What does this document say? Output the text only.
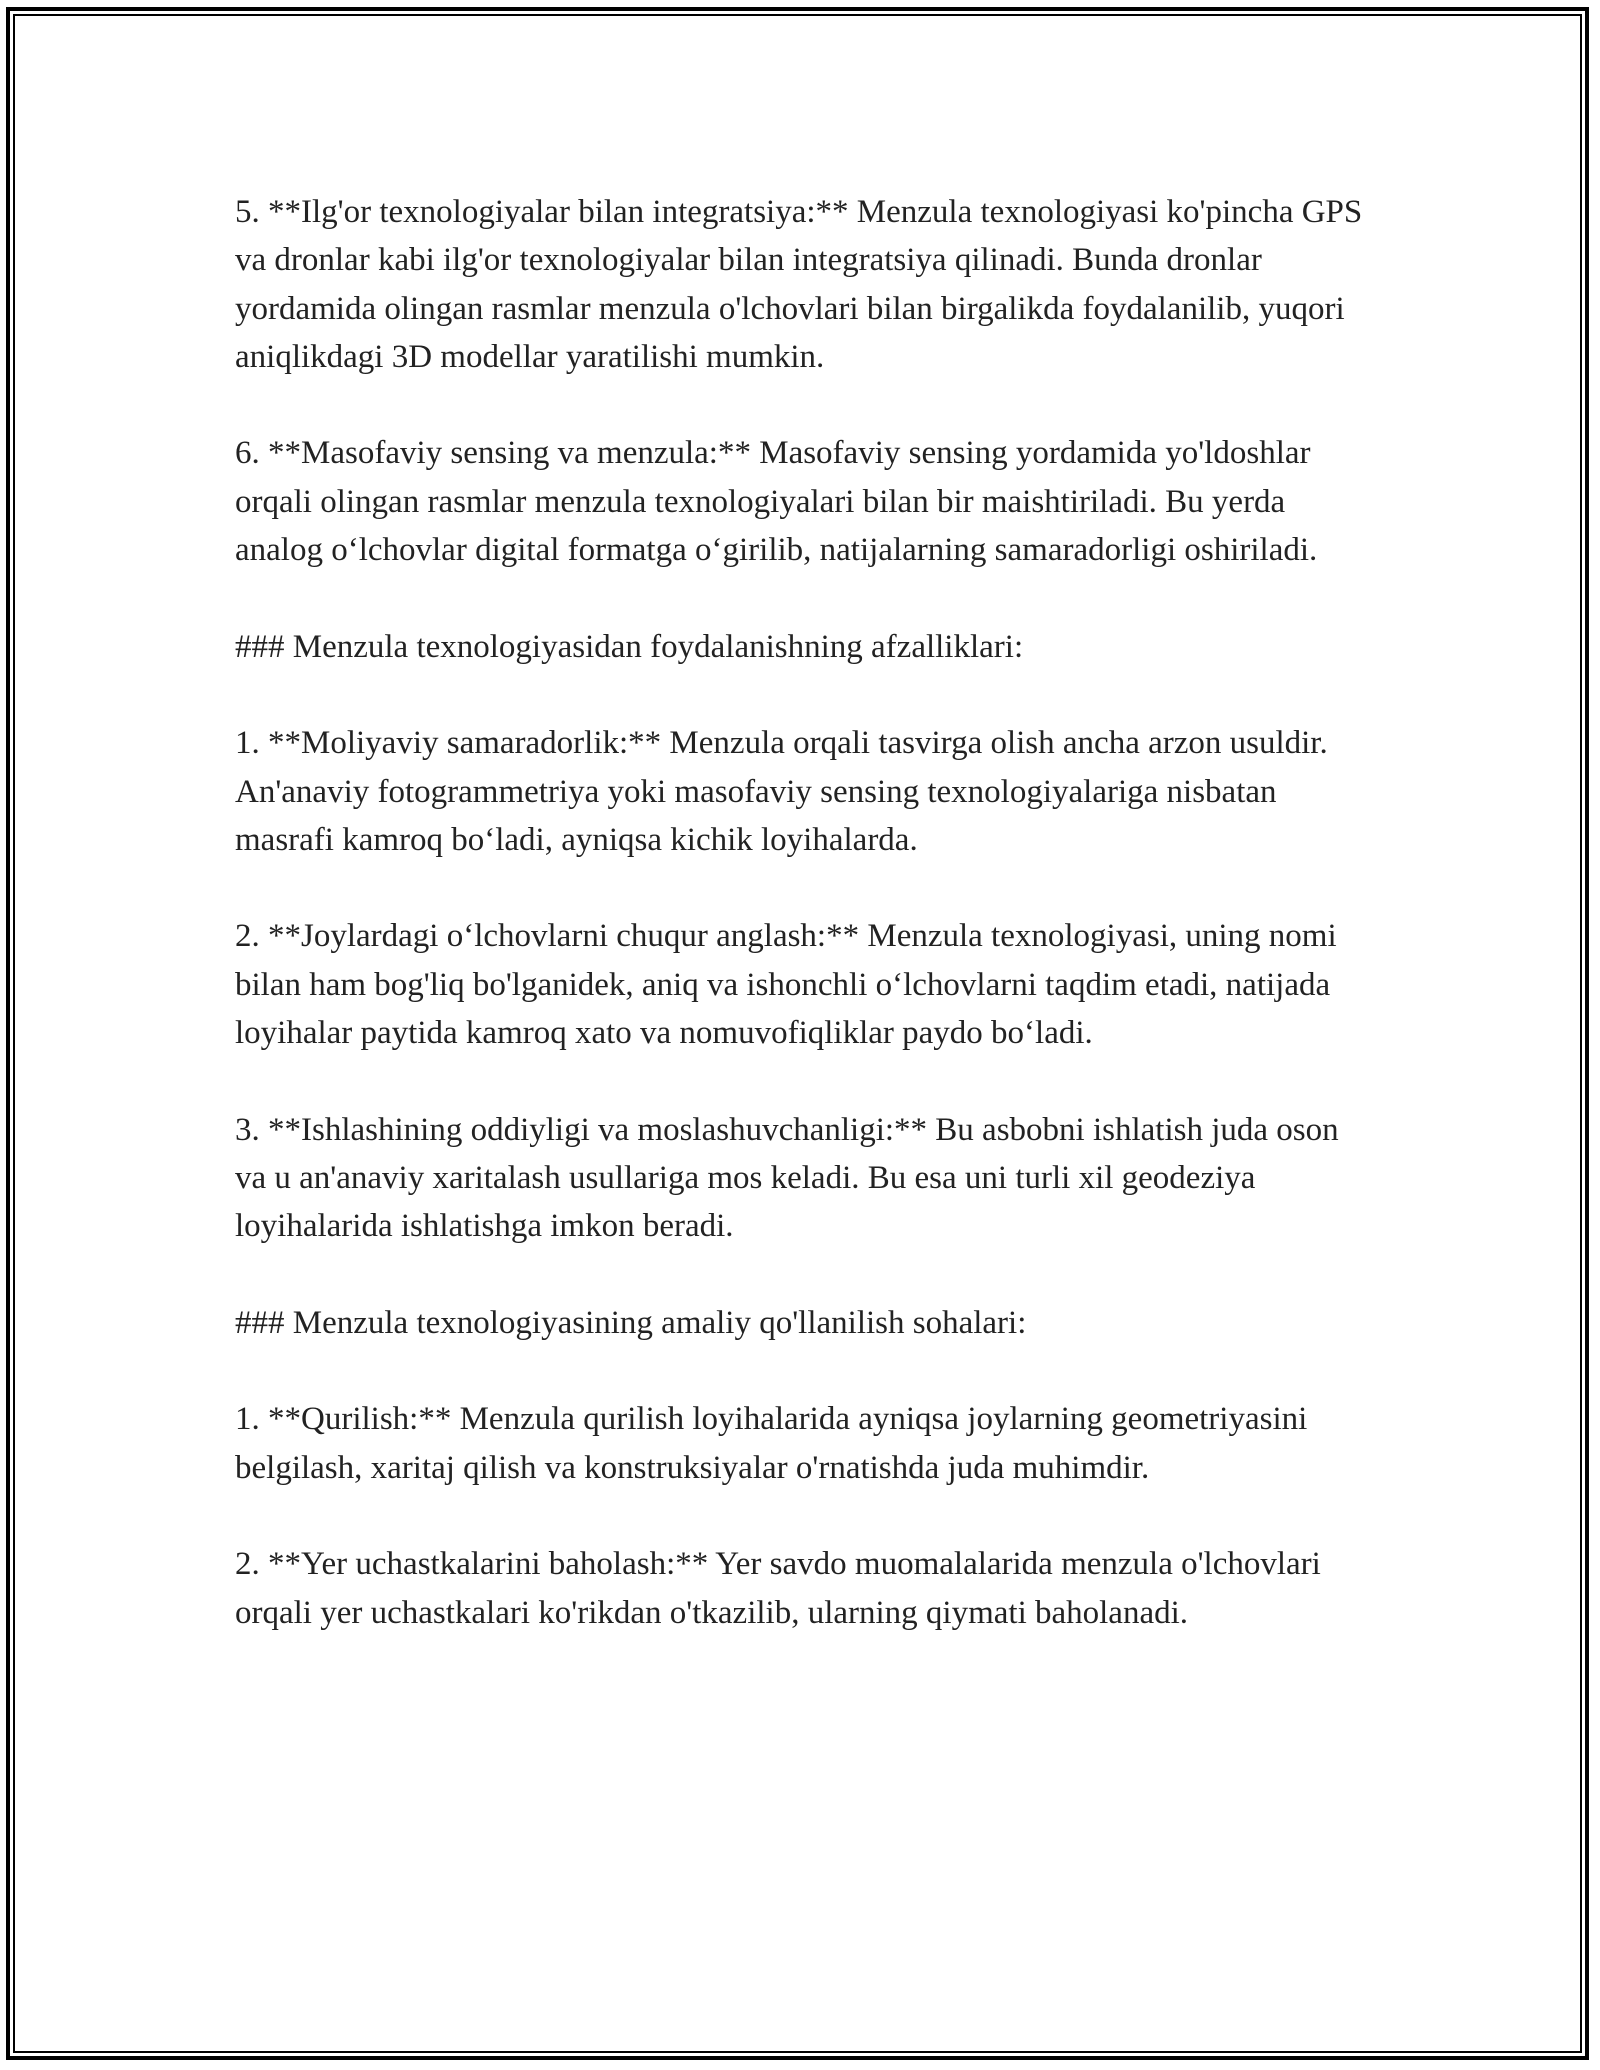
5. **Ilg'or texnologiyalar bilan integratsiya:** Menzula texnologiyasi ko'pincha GPS va dronlar kabi ilg'or texnologiyalar bilan integratsiya qilinadi. Bunda dronlar yordamida olingan rasmlar menzula o'lchovlari bilan birgalikda foydalanilib, yuqori aniqlikdagi 3D modellar yaratilishi mumkin.

6. **Masofaviy sensing va menzula:** Masofaviy sensing yordamida yo'ldoshlar orqali olingan rasmlar menzula texnologiyalari bilan bir maishtiriladi. Bu yerda analog o‘lchovlar digital formatga o‘girilib, natijalarning samaradorligi oshiriladi.

### Menzula texnologiyasidan foydalanishning afzalliklari:

1. **Moliyaviy samaradorlik:** Menzula orqali tasvirga olish ancha arzon usuldir. An'anaviy fotogrammetriya yoki masofaviy sensing texnologiyalariga nisbatan masrafi kamroq bo‘ladi, ayniqsa kichik loyihalarda.

2. **Joylardagi o‘lchovlarni chuqur anglash:** Menzula texnologiyasi, uning nomi bilan ham bog'liq bo'lganidek, aniq va ishonchli o‘lchovlarni taqdim etadi, natijada loyihalar paytida kamroq xato va nomuvofiqliklar paydo bo‘ladi.

3. **Ishlashining oddiyligi va moslashuvchanligi:** Bu asbobni ishlatish juda oson va u an'anaviy xaritalash usullariga mos keladi. Bu esa uni turli xil geodeziya loyihalarida ishlatishga imkon beradi.

### Menzula texnologiyasining amaliy qo'llanilish sohalari:

1. **Qurilish:** Menzula qurilish loyihalarida ayniqsa joylarning geometriyasini belgilash, xaritaj qilish va konstruksiyalar o'rnatishda juda muhimdir.

2. **Yer uchastkalarini baholash:** Yer savdo muomalalarida menzula o'lchovlari orqali yer uchastkalari ko'rikdan o'tkazilib, ularning qiymati baholanadi.
